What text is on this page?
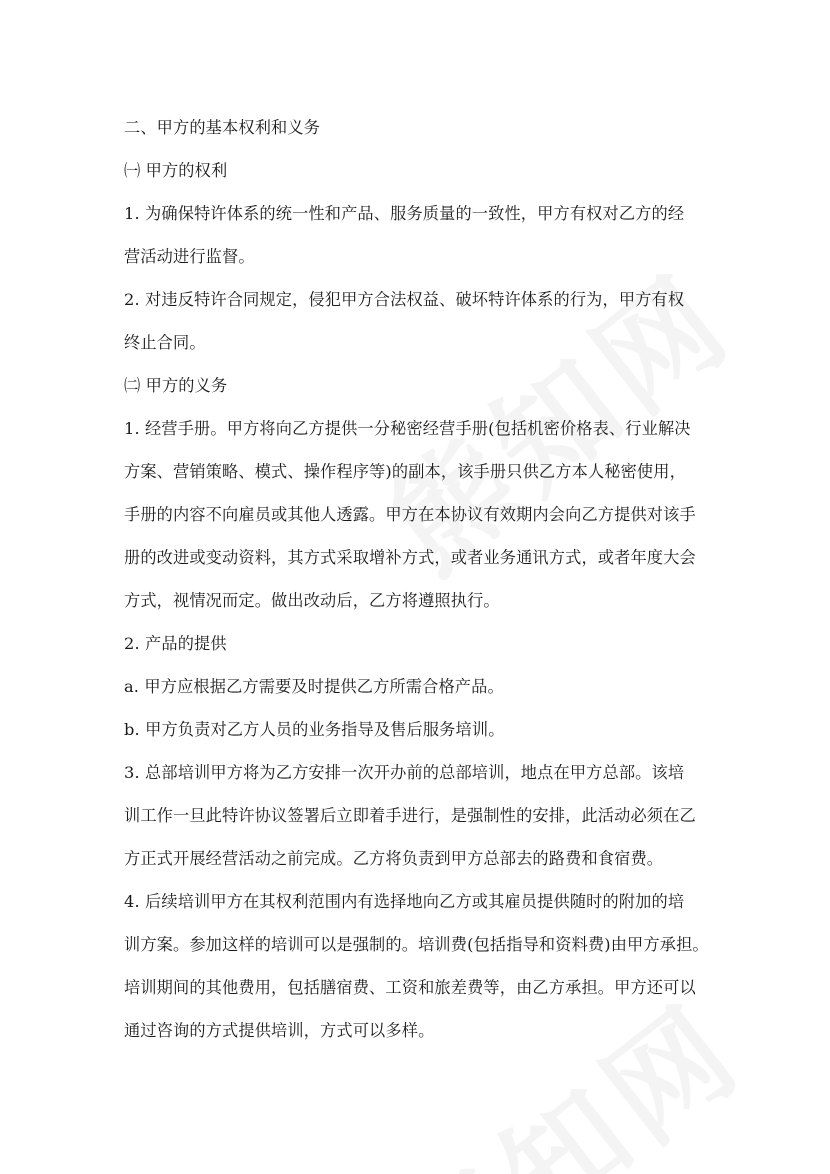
二、甲方的基本权利和义务
㈠ 甲方的权利
1. 为确保特许体系的统一性和产品、服务质量的一致性，甲方有权对乙方的经
营活动进行监督。
2. 对违反特许合同规定，侵犯甲方合法权益、破坏特许体系的行为，甲方有权
终止合同。
㈡ 甲方的义务
1. 经营手册。甲方将向乙方提供一分秘密经营手册(包括机密价格表、行业解决
方案、营销策略、模式、操作程序等)的副本，该手册只供乙方本人秘密使用，
手册的内容不向雇员或其他人透露。甲方在本协议有效期内会向乙方提供对该手
册的改进或变动资料，其方式采取增补方式，或者业务通讯方式，或者年度大会
方式，视情况而定。做出改动后，乙方将遵照执行。
2. 产品的提供
a. 甲方应根据乙方需要及时提供乙方所需合格产品。
b. 甲方负责对乙方人员的业务指导及售后服务培训。
3. 总部培训甲方将为乙方安排一次开办前的总部培训，地点在甲方总部。该培
训工作一旦此特许协议签署后立即着手进行，是强制性的安排，此活动必须在乙
方正式开展经营活动之前完成。乙方将负责到甲方总部去的路费和食宿费。
4. 后续培训甲方在其权利范围内有选择地向乙方或其雇员提供随时的附加的培
训方案。参加这样的培训可以是强制的。培训费(包括指导和资料费)由甲方承担。
培训期间的其他费用，包括膳宿费、工资和旅差费等，由乙方承担。甲方还可以
通过咨询的方式提供培训，方式可以多样。
